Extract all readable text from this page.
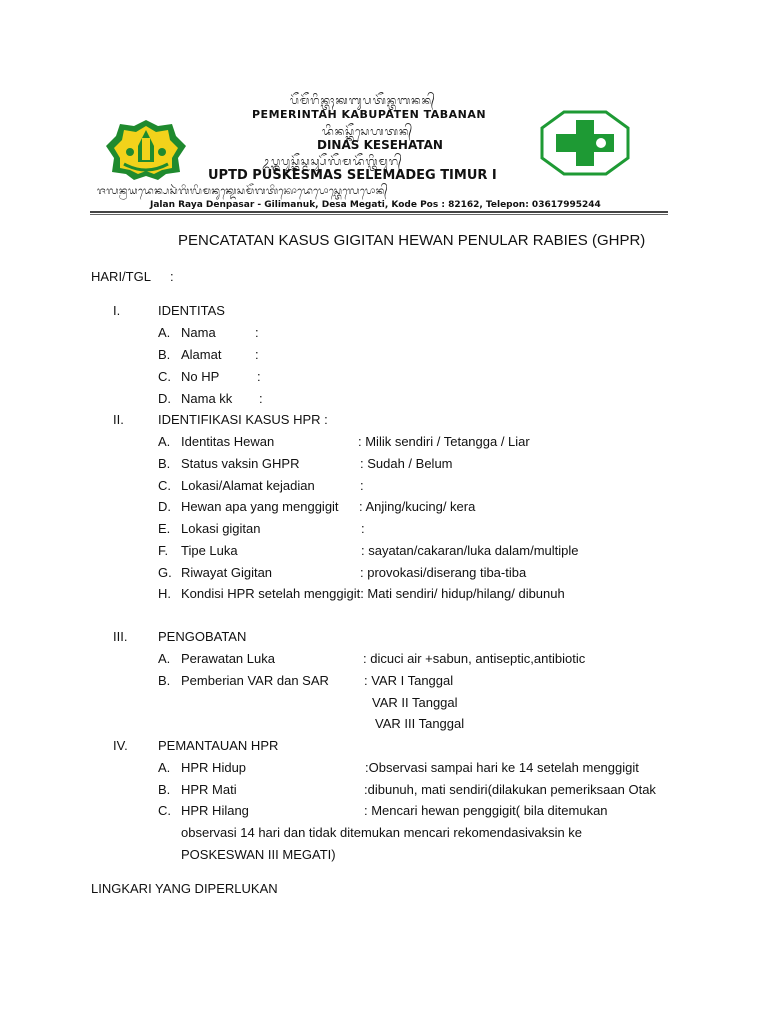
ᬧᭂᬫᭂᬭᬶᬦ᭄ᬢᬄᬓᬩᬸᬧᬢᭂᬦ᭄ᬢᬩᬦᬦ᭄
PEMERINTAH KABUPATEN TABANAN
ᬤᬶᬦᬲ᭄ᬓᭂᬲᬾᬳᬢᬦ᭄
DINAS KESEHATAN
ᬉᬧ᭄ᬢ᭄ᬤᬧᬸᬲ᭄ᬓᭂᬲ᭄ᬫᬲ᭄ᬲᭂᬮᭂᬫᬤᭂᬕ᭄ᬢᬶᬫᬸᬭ᭄
UPTD PUSKESMAS SELEMADEG TIMUR I
ᬚᬮᬦ᭄ᬭᬬᬤᬾᬦ᭄ᬧᬲᬃᬕᬶᬮᬶᬫᬦᬸᬓ᭄ᬤᬾᬲᬫᭂᬕᬢᬶᬓᭀᬤᬾᬧᭀᬲ᭄ᬢᬾᬮᬾᬧᭀᬦ᭄
Jalan Raya Denpasar - Gilimanuk, Desa Megati, Kode Pos : 82162, Telepon: 03617995244
PENCATATAN KASUS GIGITAN HEWAN PENULAR RABIES (GHPR)
HARI/TGL :
I.	IDENTITAS
A. Nama	:
B. Alamat	:
C. No HP	:
D. Nama kk :
II.	IDENTIFIKASI KASUS HPR :
A. Identitas Hewan	: Milik sendiri / Tetangga / Liar
B. Status vaksin GHPR	: Sudah / Belum
C. Lokasi/Alamat kejadian	:
D. Hewan apa yang menggigit : Anjing/kucing/ kera
E. Lokasi gigitan	:
F. Tipe Luka	: sayatan/cakaran/luka dalam/multiple
G. Riwayat Gigitan	: provokasi/diserang tiba-tiba
H. Kondisi HPR setelah menggigit: Mati sendiri/ hidup/hilang/ dibunuh
III. PENGOBATAN
A. Perawatan Luka	: dicuci air +sabun, antiseptic,antibiotic
B. Pemberian VAR dan SAR	: VAR I Tanggal
VAR II Tanggal
VAR III Tanggal
IV. PEMANTAUAN HPR
A. HPR Hidup	:Observasi sampai hari ke 14 setelah menggigit
B. HPR Mati	:dibunuh, mati sendiri(dilakukan pemeriksaan Otak
C. HPR Hilang	: Mencari hewan penggigit( bila ditemukan
observasi 14 hari dan tidak ditemukan mencari rekomendasivaksin ke
POSKESWAN III MEGATI)
LINGKARI YANG DIPERLUKAN
